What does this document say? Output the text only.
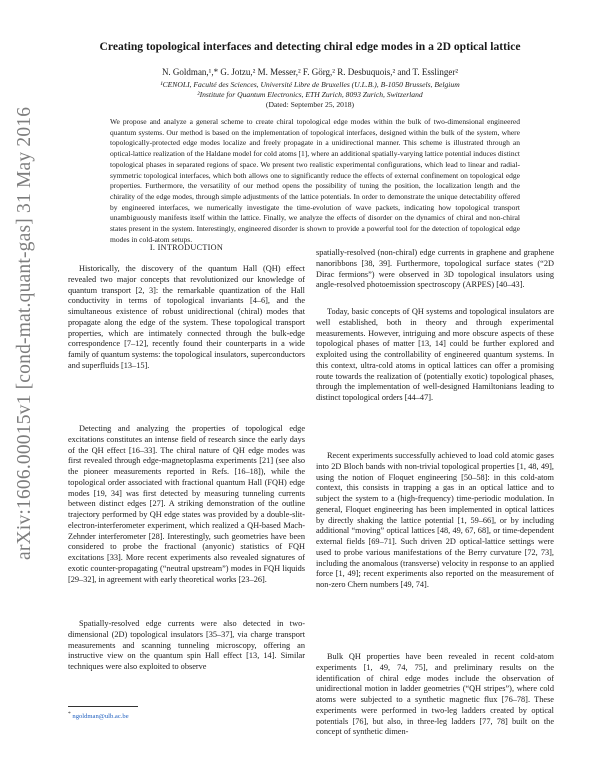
arXiv:1606.00015v1 [cond-mat.quant-gas] 31 May 2016
Creating topological interfaces and detecting chiral edge modes in a 2D optical lattice
N. Goldman,¹,* G. Jotzu,² M. Messer,² F. Görg,² R. Desbuquois,² and T. Esslinger²
¹CENOLI, Faculté des Sciences, Université Libre de Bruxelles (U.L.B.), B-1050 Brussels, Belgium
²Institute for Quantum Electronics, ETH Zurich, 8093 Zurich, Switzerland
(Dated: September 25, 2018)

We propose and analyze a general scheme to create chiral topological edge modes within the bulk of two-dimensional engineered quantum systems. Our method is based on the implementation of topological interfaces, designed within the bulk of the system, where topologically-protected edge modes localize and freely propagate in a unidirectional manner. This scheme is illustrated through an optical-lattice realization of the Haldane model for cold atoms [1], where an additional spatially-varying lattice potential induces distinct topological phases in separated regions of space. We present two realistic experimental configurations, which lead to linear and radial-symmetric topological interfaces, which both allows one to significantly reduce the effects of external confinement on topological edge properties. Furthermore, the versatility of our method opens the possibility of tuning the position, the localization length and the chirality of the edge modes, through simple adjustments of the lattice potentials. In order to demonstrate the unique detectability offered by engineered interfaces, we numerically investigate the time-evolution of wave packets, indicating how topological transport unambiguously manifests itself within the lattice. Finally, we analyze the effects of disorder on the dynamics of chiral and non-chiral states present in the system. Interestingly, engineered disorder is shown to provide a powerful tool for the detection of topological edge modes in cold-atom setups.

I. INTRODUCTION

Historically, the discovery of the quantum Hall (QH) effect revealed two major concepts that revolutionized our knowledge of quantum transport [2, 3]: the remarkable quantization of the Hall conductivity in terms of topological invariants [4–6], and the simultaneous existence of robust unidirectional (chiral) modes that propagate along the edge of the system. These topological transport properties, which are intimately connected through the bulk-edge correspondence [7–12], recently found their counterparts in a wide family of quantum systems: the topological insulators, superconductors and superfluids [13–15].

Detecting and analyzing the properties of topological edge excitations constitutes an intense field of research since the early days of the QH effect [16–33]. The chiral nature of QH edge modes was first revealed through edge-magnetoplasma experiments [21] (see also the pioneer measurements reported in Refs. [16–18]), while the topological order associated with fractional quantum Hall (FQH) edge modes [19, 34] was first detected by measuring tunneling currents between distinct edges [27]. A striking demonstration of the outline trajectory performed by QH edge states was provided by a double-slit-electron-interferometer experiment, which realized a QH-based Mach-Zehnder interferometer [28]. Interestingly, such geometries have been considered to probe the fractional (anyonic) statistics of FQH excitations [33]. More recent experiments also revealed signatures of exotic counter-propagating (“neutral upstream”) modes in FQH liquids [29–32], in agreement with early theoretical works [23–26].

Spatially-resolved edge currents were also detected in two-dimensional (2D) topological insulators [35–37], via charge transport measurements and scanning tunneling microscopy, offering an instructive view on the quantum spin Hall effect [13, 14]. Similar techniques were also exploited to observe

spatially-resolved (non-chiral) edge currents in graphene and graphene nanoribbons [38, 39]. Furthermore, topological surface states (“2D Dirac fermions”) were observed in 3D topological insulators using angle-resolved photoemission spectroscopy (ARPES) [40–43].

Today, basic concepts of QH systems and topological insulators are well established, both in theory and through experimental measurements. However, intriguing and more obscure aspects of these topological phases of matter [13, 14] could be further explored and exploited using the controllability of engineered quantum systems. In this context, ultra-cold atoms in optical lattices can offer a promising route towards the realization of (potentially exotic) topological phases, through the implementation of well-designed Hamiltonians leading to distinct topological orders [44–47].

Recent experiments successfully achieved to load cold atomic gases into 2D Bloch bands with non-trivial topological properties [1, 48, 49], using the notion of Floquet engineering [50–58]: in this cold-atom context, this consists in trapping a gas in an optical lattice and to subject the system to a (high-frequency) time-periodic modulation. In general, Floquet engineering has been implemented in optical lattices by directly shaking the lattice potential [1, 59–66], or by including additional “moving” optical lattices [48, 49, 67, 68], or time-dependent external fields [69–71]. Such driven 2D optical-lattice settings were used to probe various manifestations of the Berry curvature [72, 73], including the anomalous (transverse) velocity in response to an applied force [1, 49]; recent experiments also reported on the measurement of non-zero Chern numbers [49, 74].

Bulk QH properties have been revealed in recent cold-atom experiments [1, 49, 74, 75], and preliminary results on the identification of chiral edge modes include the observation of unidirectional motion in ladder geometries (“QH stripes”), where cold atoms were subjected to a synthetic magnetic flux [76–78]. These experiments were performed in two-leg ladders created by optical potentials [76], but also, in three-leg ladders [77, 78] built on the concept of synthetic dimen-

* ngoldman@ulb.ac.be
